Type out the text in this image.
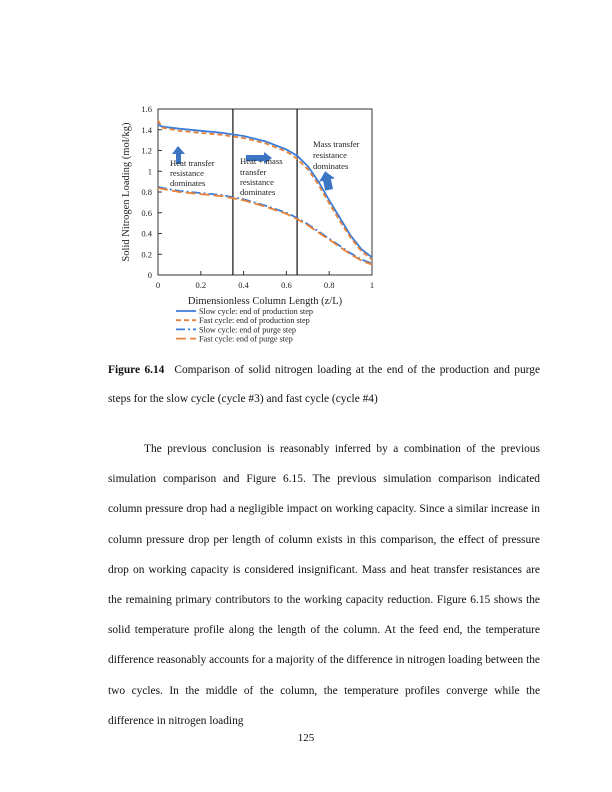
0
0.2
0.4
0.6
0.8
1
1.2
1.4
1.6
0	0.2	0.4	0.6	0.8	1
Heat transfer resistance dominates
Heat + mass transfer resistance dominates
Mass transfer resistance dominates
Dimensionless Column Length (z/L)
Solid Nitrogen Loading (mol/kg)
Slow cycle: end of production step
Fast cycle: end of production step
Slow cycle: end of purge step
Fast cycle: end of purge step
Figure 6.14 Comparison of solid nitrogen loading at the end of the production and purge steps for the slow cycle (cycle #3) and fast cycle (cycle #4)

The previous conclusion is reasonably inferred by a combination of the previous simulation comparison and Figure 6.15. The previous simulation comparison indicated column pressure drop had a negligible impact on working capacity. Since a similar increase in column pressure drop per length of column exists in this comparison, the effect of pressure drop on working capacity is considered insignificant. Mass and heat transfer resistances are the remaining primary contributors to the working capacity reduction. Figure 6.15 shows the solid temperature profile along the length of the column. At the feed end, the temperature difference reasonably accounts for a majority of the difference in nitrogen loading between the two cycles. In the middle of the column, the temperature profiles converge while the difference in nitrogen loading

125
